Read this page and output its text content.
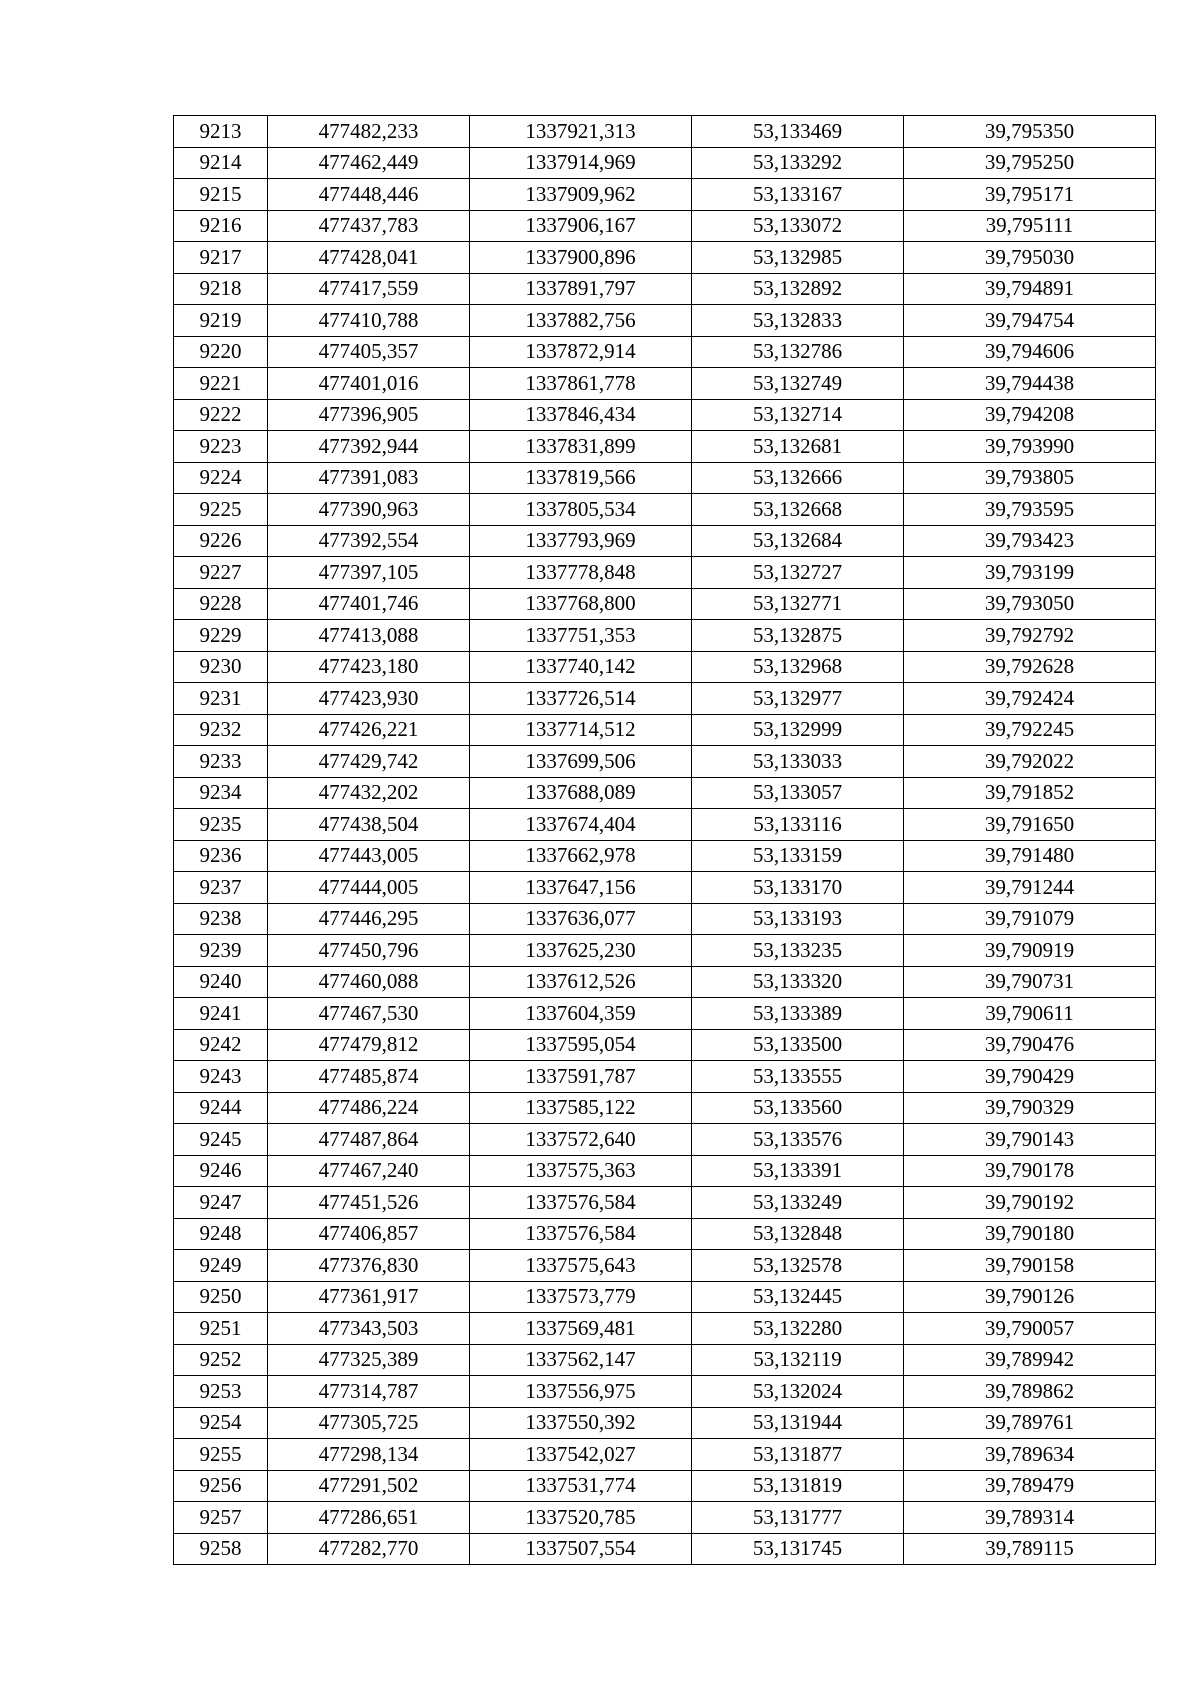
9213	477482,233	1337921,313	53,133469	39,795350
9214	477462,449	1337914,969	53,133292	39,795250
9215	477448,446	1337909,962	53,133167	39,795171
9216	477437,783	1337906,167	53,133072	39,795111
9217	477428,041	1337900,896	53,132985	39,795030
9218	477417,559	1337891,797	53,132892	39,794891
9219	477410,788	1337882,756	53,132833	39,794754
9220	477405,357	1337872,914	53,132786	39,794606
9221	477401,016	1337861,778	53,132749	39,794438
9222	477396,905	1337846,434	53,132714	39,794208
9223	477392,944	1337831,899	53,132681	39,793990
9224	477391,083	1337819,566	53,132666	39,793805
9225	477390,963	1337805,534	53,132668	39,793595
9226	477392,554	1337793,969	53,132684	39,793423
9227	477397,105	1337778,848	53,132727	39,793199
9228	477401,746	1337768,800	53,132771	39,793050
9229	477413,088	1337751,353	53,132875	39,792792
9230	477423,180	1337740,142	53,132968	39,792628
9231	477423,930	1337726,514	53,132977	39,792424
9232	477426,221	1337714,512	53,132999	39,792245
9233	477429,742	1337699,506	53,133033	39,792022
9234	477432,202	1337688,089	53,133057	39,791852
9235	477438,504	1337674,404	53,133116	39,791650
9236	477443,005	1337662,978	53,133159	39,791480
9237	477444,005	1337647,156	53,133170	39,791244
9238	477446,295	1337636,077	53,133193	39,791079
9239	477450,796	1337625,230	53,133235	39,790919
9240	477460,088	1337612,526	53,133320	39,790731
9241	477467,530	1337604,359	53,133389	39,790611
9242	477479,812	1337595,054	53,133500	39,790476
9243	477485,874	1337591,787	53,133555	39,790429
9244	477486,224	1337585,122	53,133560	39,790329
9245	477487,864	1337572,640	53,133576	39,790143
9246	477467,240	1337575,363	53,133391	39,790178
9247	477451,526	1337576,584	53,133249	39,790192
9248	477406,857	1337576,584	53,132848	39,790180
9249	477376,830	1337575,643	53,132578	39,790158
9250	477361,917	1337573,779	53,132445	39,790126
9251	477343,503	1337569,481	53,132280	39,790057
9252	477325,389	1337562,147	53,132119	39,789942
9253	477314,787	1337556,975	53,132024	39,789862
9254	477305,725	1337550,392	53,131944	39,789761
9255	477298,134	1337542,027	53,131877	39,789634
9256	477291,502	1337531,774	53,131819	39,789479
9257	477286,651	1337520,785	53,131777	39,789314
9258	477282,770	1337507,554	53,131745	39,789115
